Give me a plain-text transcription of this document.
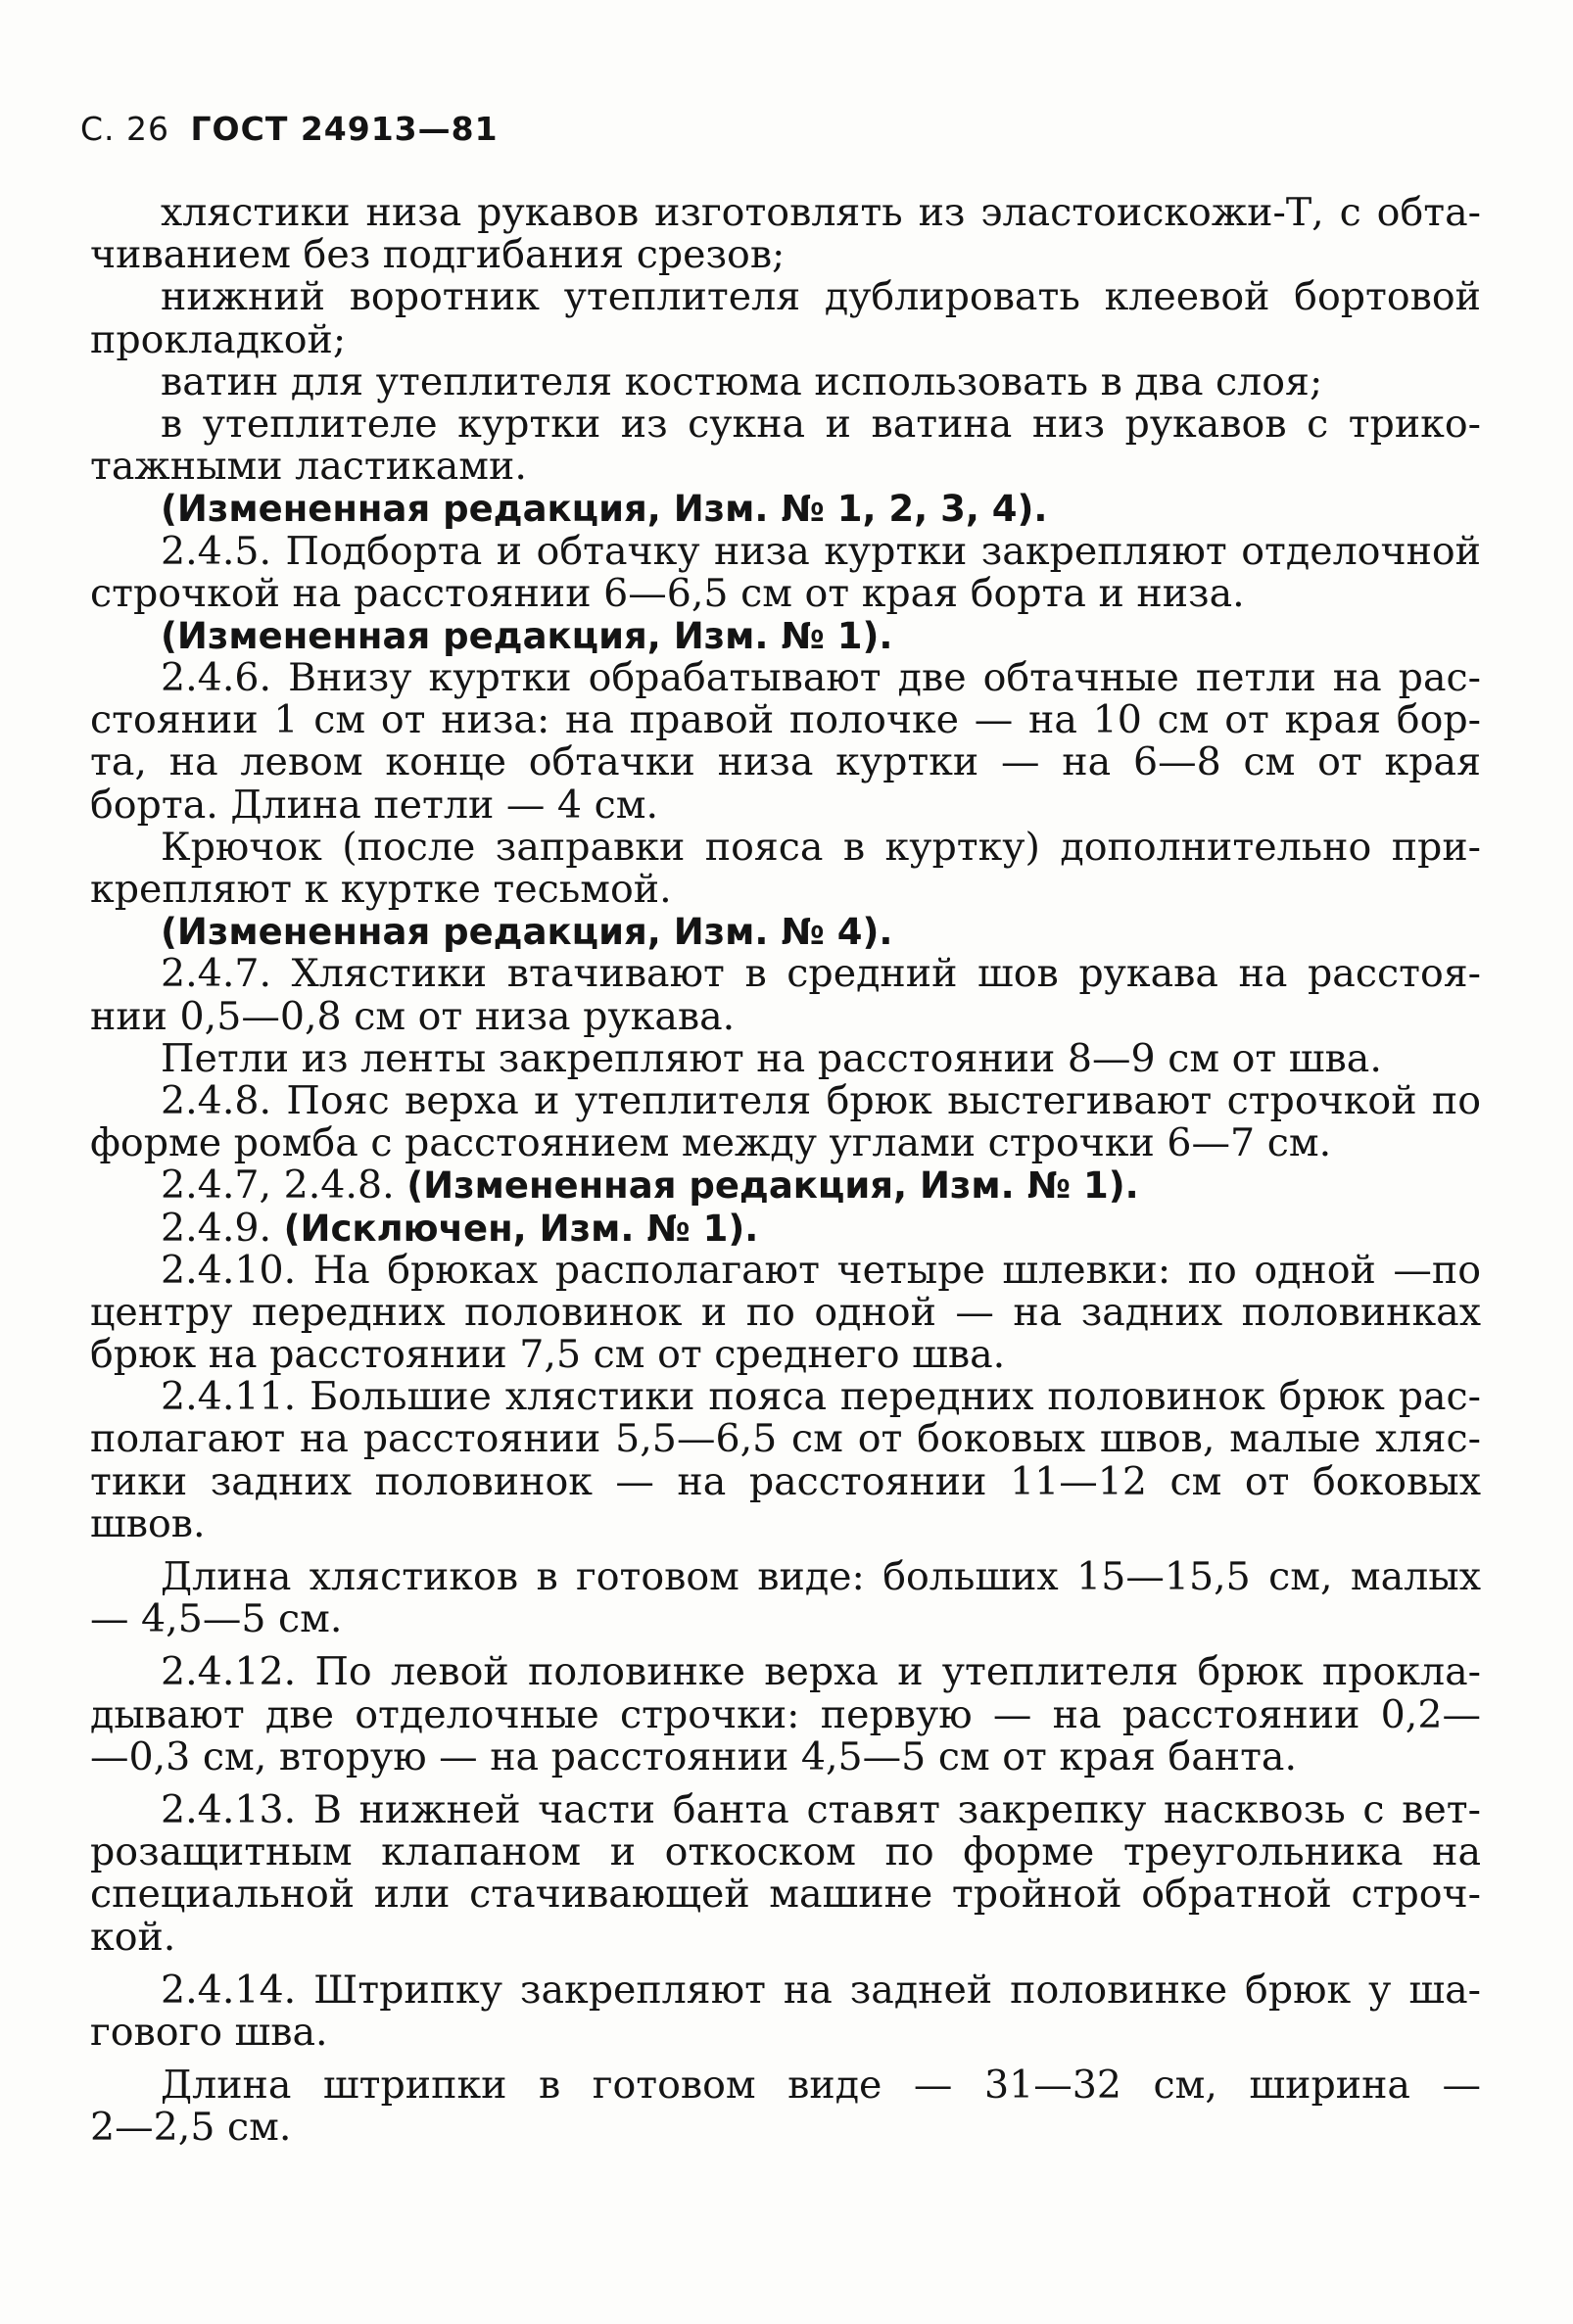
С. 26 ГОСТ 24913—81
хлястики низа рукавов изготовлять из эластоискожи-Т, с обта-
чиванием без подгибания срезов;
нижний воротник утеплителя дублировать клеевой бортовой
прокладкой;
ватин для утеплителя костюма использовать в два слоя;
в утеплителе куртки из сукна и ватина низ рукавов с трико-
тажными ластиками.
(Измененная редакция, Изм. № 1, 2, 3, 4).
2.4.5. Подборта и обтачку низа куртки закрепляют отделочной
строчкой на расстоянии 6—6,5 см от края борта и низа.
(Измененная редакция, Изм. № 1).
2.4.6. Внизу куртки обрабатывают две обтачные петли на рас-
стоянии 1 см от низа: на правой полочке — на 10 см от края бор-
та, на левом конце обтачки низа куртки — на 6—8 см от края
борта. Длина петли — 4 см.
Крючок (после заправки пояса в куртку) дополнительно при-
крепляют к куртке тесьмой.
(Измененная редакция, Изм. № 4).
2.4.7. Хлястики втачивают в средний шов рукава на расстоя-
нии 0,5—0,8 см от низа рукава.
Петли из ленты закрепляют на расстоянии 8—9 см от шва.
2.4.8. Пояс верха и утеплителя брюк выстегивают строчкой по
форме ромба с расстоянием между углами строчки 6—7 см.
2.4.7, 2.4.8. (Измененная редакция, Изм. № 1).
2.4.9. (Исключен, Изм. № 1).
2.4.10. На брюках располагают четыре шлевки: по одной —по
центру передних половинок и по одной — на задних половинках
брюк на расстоянии 7,5 см от среднего шва.
2.4.11. Большие хлястики пояса передних половинок брюк рас-
полагают на расстоянии 5,5—6,5 см от боковых швов, малые хляс-
тики задних половинок — на расстоянии 11—12 см от боковых
швов.
Длина хлястиков в готовом виде: больших 15—15,5 см, малых
— 4,5—5 см.
2.4.12. По левой половинке верха и утеплителя брюк прокла-
дывают две отделочные строчки: первую — на расстоянии 0,2—
—0,3 см, вторую — на расстоянии 4,5—5 см от края банта.
2.4.13. В нижней части банта ставят закрепку насквозь с вет-
розащитным клапаном и откоском по форме треугольника на
специальной или стачивающей машине тройной обратной строч-
кой.
2.4.14. Штрипку закрепляют на задней половинке брюк у ша-
гового шва.
Длина штрипки в готовом виде — 31—32 см, ширина —
2—2,5 см.
